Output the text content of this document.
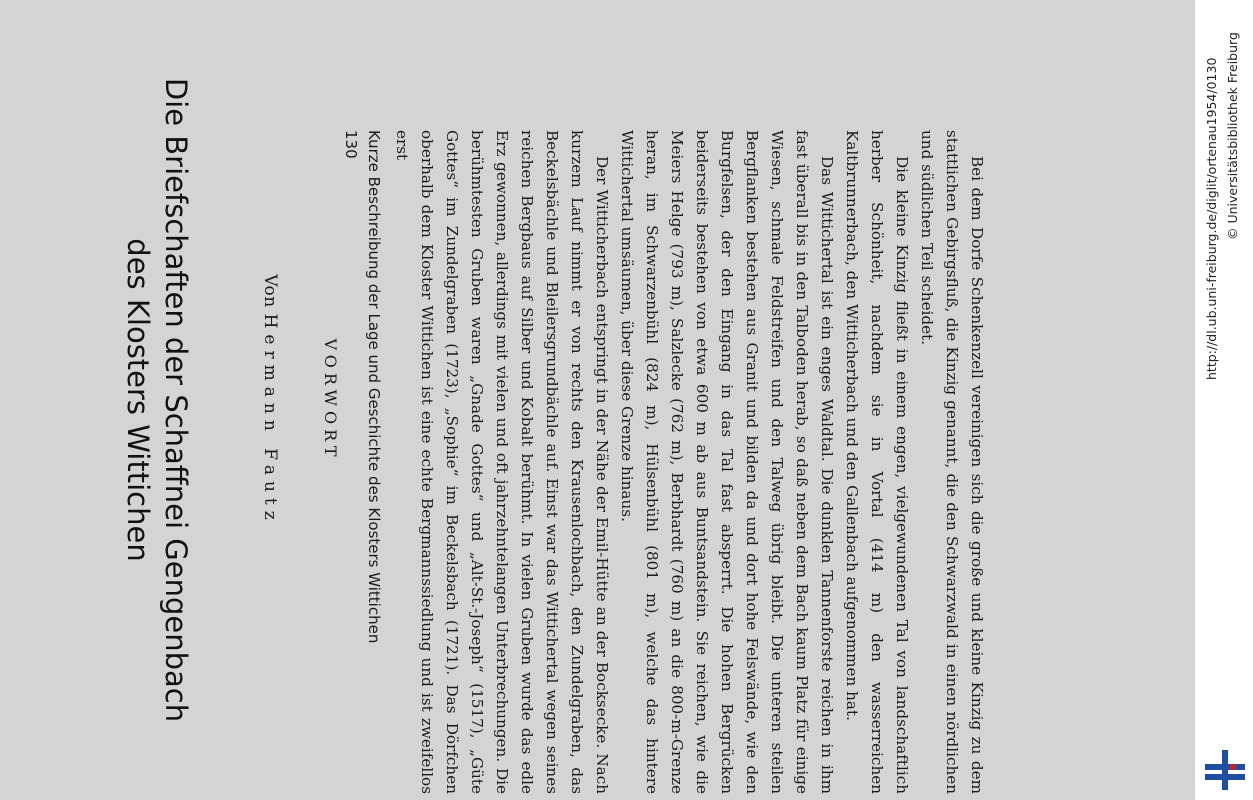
Die Briefschaften der Schaffnei Gengenbach
des Klosters Wittichen	Von Hermann Fautz	VORWORT Kurze Beschreibung der Lage und Geschichte des Klosters Wittichen	Bei dem Dorfe Schenkenzell vereinigen sich die große und kleine Kinzig zu dem stattlichen Gebirgsfluß, die Kinzig genannt, die den Schwarzwald in einen nördlichen und südlichen Teil scheidet.

Die kleine Kinzig fließt in einem engen, vielgewundenen Tal von landschaftlich herber Schönheit, nachdem sie in Vortal (414 m) den wasserreichen Kaltbrunnerbach, den Witticherbach und den Gallenbach aufgenommen hat.

Das Wittichertal ist ein enges Waldtal. Die dunklen Tannenforste reichen in ihm fast überall bis in den Talboden herab, so daß neben dem Bach kaum Platz für einige Wiesen, schmale Feldstreifen und den Talweg übrig bleibt. Die unteren steilen Bergflanken bestehen aus Granit und bilden da und dort hohe Felswände, wie den Burgfelsen, der den Eingang in das Tal fast absperrt. Die hohen Bergrücken beiderseits bestehen von etwa 600 m ab aus Buntsandstein. Sie reichen, wie die Meiers Helge (793 m), Salzlecke (762 m), Berbhardt (760 m) an die 800-m-Grenze heran, im Schwarzenbühl (824 m), Hülsenbühl (801 m), welche das hintere Wittichertal umsäumen, über diese Grenze hinaus.

Der Witticherbach entspringt in der Nähe der Emil-Hütte an der Bocksecke. Nach kurzem Lauf nimmt er von rechts den Krausenlochbach, den Zundelgraben, das Beckelsbächle und Bleilersgrundbächle auf. Einst war das Wittichertal wegen seines reichen Bergbaus auf Silber und Kobalt berühmt. In vielen Gruben wurde das edle Erz gewonnen, allerdings mit vielen und oft jahrzehntelangen Unterbrechungen. Die berühmtesten Gruben waren „Gnade Gottes“ und „Alt-St.-Joseph“ (1517), „Güte Gottes“ im Zundelgraben (1723), „Sophie“ im Beckelsbach (1721). Das Dörfchen oberhalb dem Kloster Wittichen ist eine echte Bergmannssiedlung und ist zweifellos erst

130	http://dl.ub.uni-freiburg.de/diglit/ortenau1954/0130 © Universitätsbibliothek Freiburg
